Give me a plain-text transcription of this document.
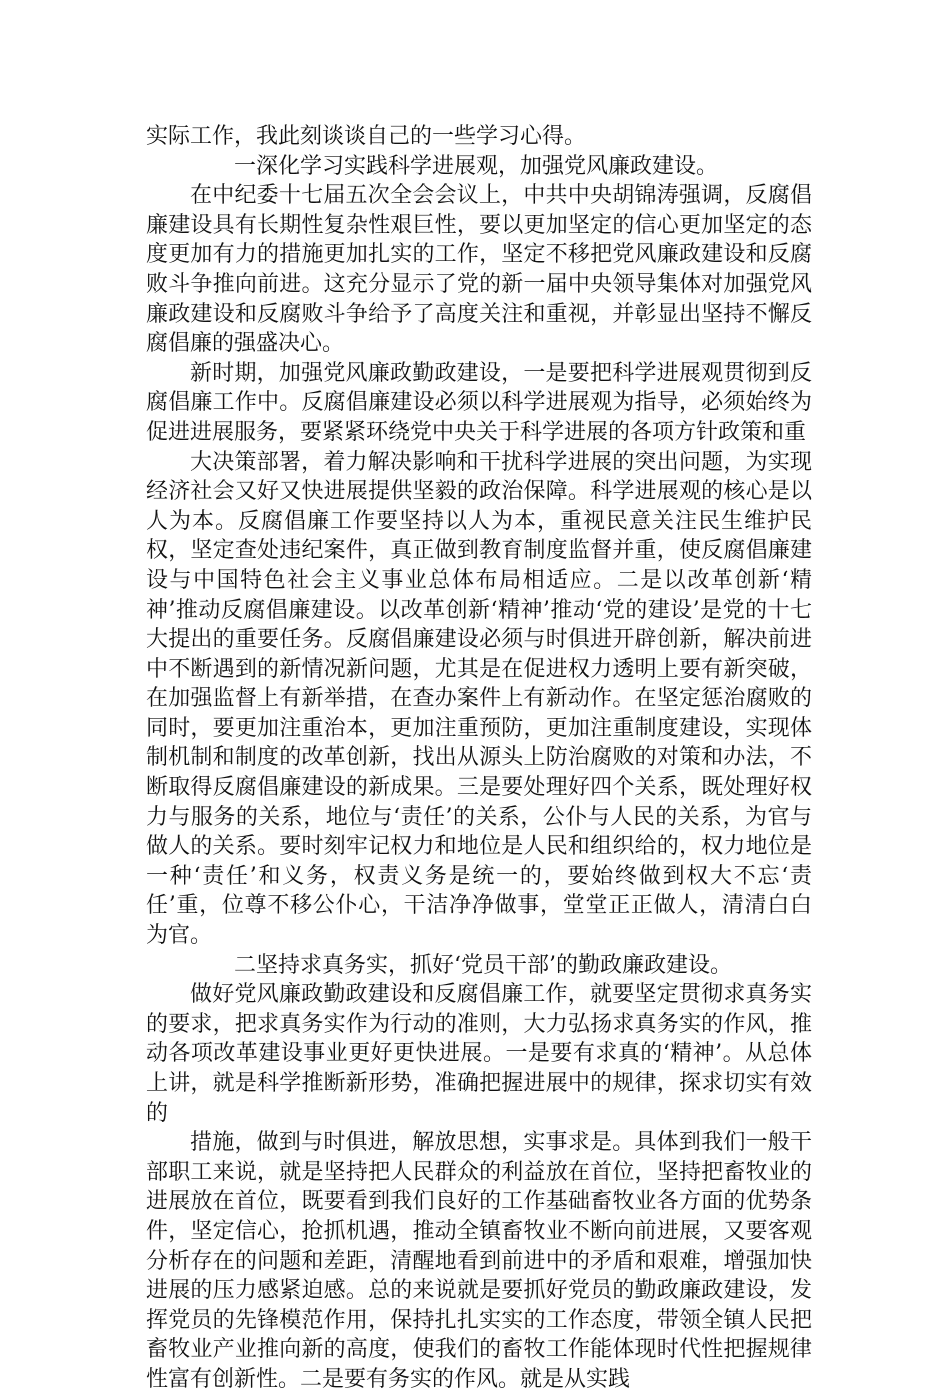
实际工作，我此刻谈谈自己的一些学习心得。

一深化学习实践科学进展观，加强党风廉政建设。

在中纪委十七届五次全会会议上，中共中央胡锦涛强调，反腐倡廉建设具有长期性复杂性艰巨性，要以更加坚定的信心更加坚定的态度更加有力的措施更加扎实的工作，坚定不移把党风廉政建设和反腐败斗争推向前进。这充分显示了党的新一届中央领导集体对加强党风廉政建设和反腐败斗争给予了高度关注和重视，并彰显出坚持不懈反腐倡廉的强盛决心。

新时期，加强党风廉政勤政建设，一是要把科学进展观贯彻到反腐倡廉工作中。反腐倡廉建设必须以科学进展观为指导，必须始终为促进进展服务，要紧紧环绕党中央关于科学进展的各项方针政策和重

大决策部署，着力解决影响和干扰科学进展的突出问题，为实现经济社会又好又快进展提供坚毅的政治保障。科学进展观的核心是以人为本。反腐倡廉工作要坚持以人为本，重视民意关注民生维护民权，坚定查处违纪案件，真正做到教育制度监督并重，使反腐倡廉建设与中国特色社会主义事业总体布局相适应。二是以改革创新‘精神’推动反腐倡廉建设。以改革创新‘精神’推动‘党的建设’是党的十七大提出的重要任务。反腐倡廉建设必须与时俱进开辟创新，解决前进中不断遇到的新情况新问题，尤其是在促进权力透明上要有新突破，在加强监督上有新举措，在查办案件上有新动作。在坚定惩治腐败的同时，要更加注重治本，更加注重预防，更加注重制度建设，实现体制机制和制度的改革创新，找出从源头上防治腐败的对策和办法，不断取得反腐倡廉建设的新成果。三是要处理好四个关系，既处理好权力与服务的关系，地位与‘责任’的关系，公仆与人民的关系，为官与做人的关系。要时刻牢记权力和地位是人民和组织给的，权力地位是一种‘责任’和义务，权责义务是统一的，要始终做到权大不忘‘责任’重，位尊不移公仆心，干洁净净做事，堂堂正正做人，清清白白为官。

二坚持求真务实，抓好‘党员干部’的勤政廉政建设。

做好党风廉政勤政建设和反腐倡廉工作，就要坚定贯彻求真务实的要求，把求真务实作为行动的准则，大力弘扬求真务实的作风，推动各项改革建设事业更好更快进展。一是要有求真的‘精神’。从总体上讲，就是科学推断新形势，准确把握进展中的规律，探求切实有效的

措施，做到与时俱进，解放思想，实事求是。具体到我们一般干部职工来说，就是坚持把人民群众的利益放在首位，坚持把畜牧业的进展放在首位，既要看到我们良好的工作基础畜牧业各方面的优势条件，坚定信心，抢抓机遇，推动全镇畜牧业不断向前进展，又要客观分析存在的问题和差距，清醒地看到前进中的矛盾和艰难，增强加快进展的压力感紧迫感。总的来说就是要抓好党员的勤政廉政建设，发挥党员的先锋模范作用，保持扎扎实实的工作态度，带领全镇人民把畜牧业产业推向新的高度，使我们的畜牧工作能体现时代性把握规律性富有创新性。二是要有务实的作风。就是从实践
